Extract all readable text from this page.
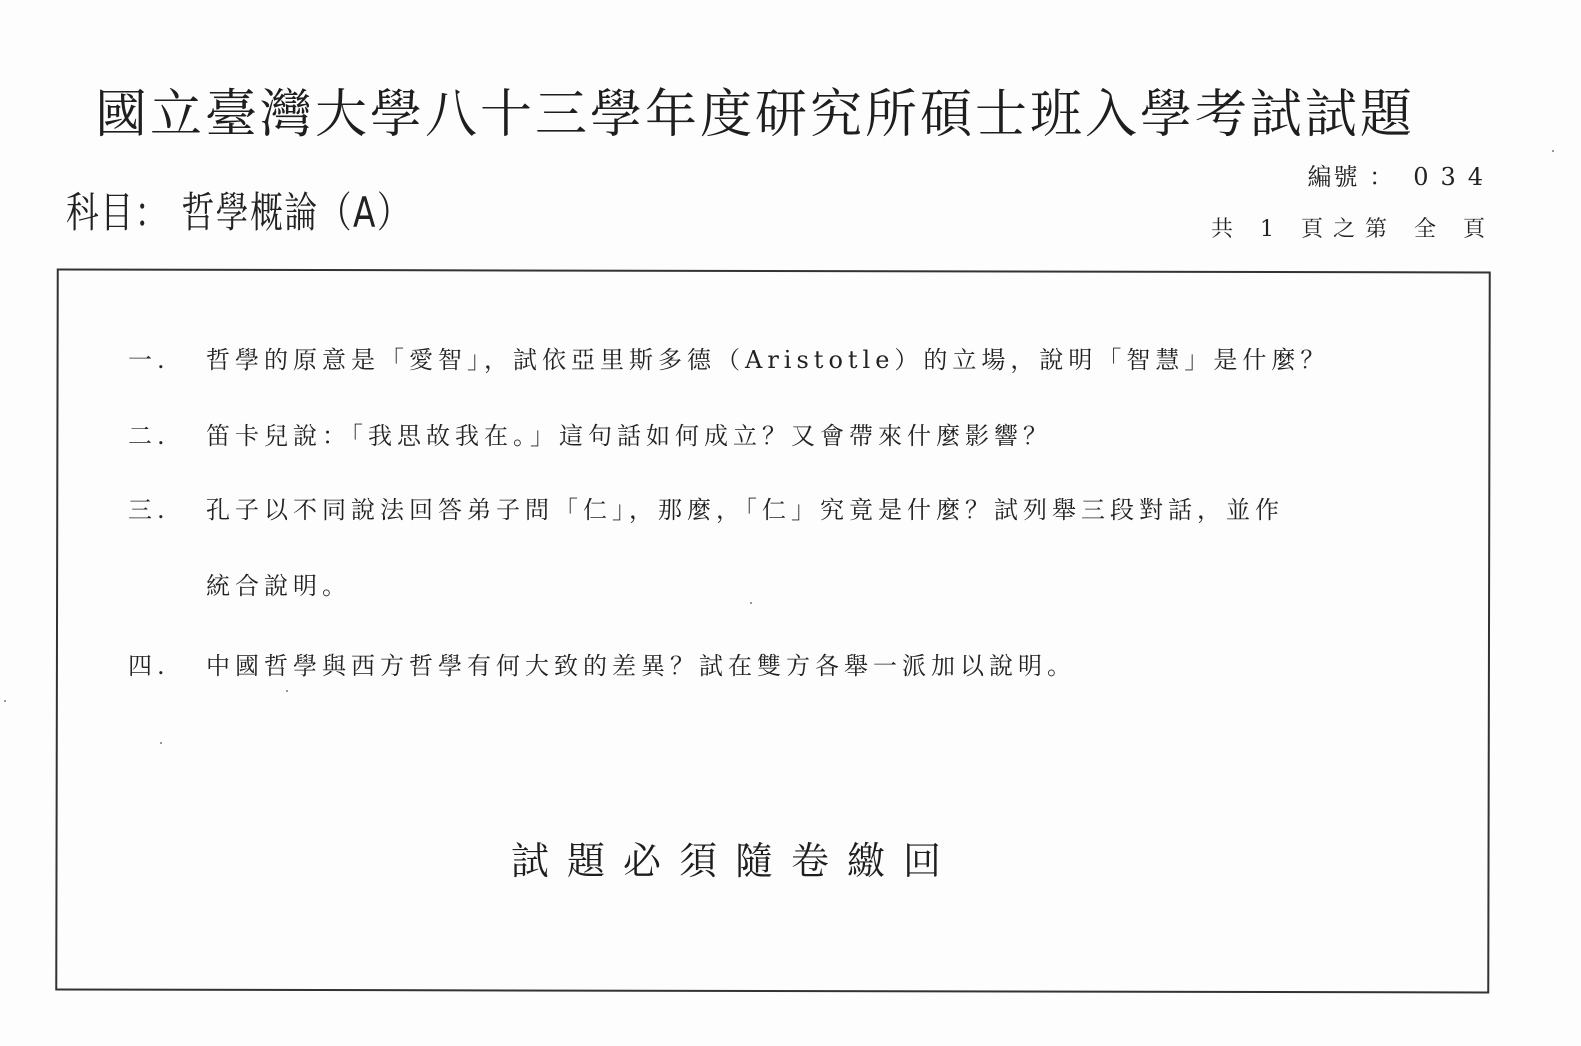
國立臺灣大學八十三學年度研究所碩士班入學考試試題
科目： 哲學概論（A）
編號 ： 034
共 1 頁之第 全 頁
一. 哲學的原意是「愛智」，試依亞里斯多德（Aristotle）的立場，說明「智慧」是什麼？
二. 笛卡兒說：「我思故我在。」這句話如何成立？又會帶來什麼影響？
三. 孔子以不同說法回答弟子問「仁」，那麼，「仁」究竟是什麼？試列舉三段對話，並作
統合說明。
四. 中國哲學與西方哲學有何大致的差異？試在雙方各舉一派加以說明。
試題必須隨卷繳回
